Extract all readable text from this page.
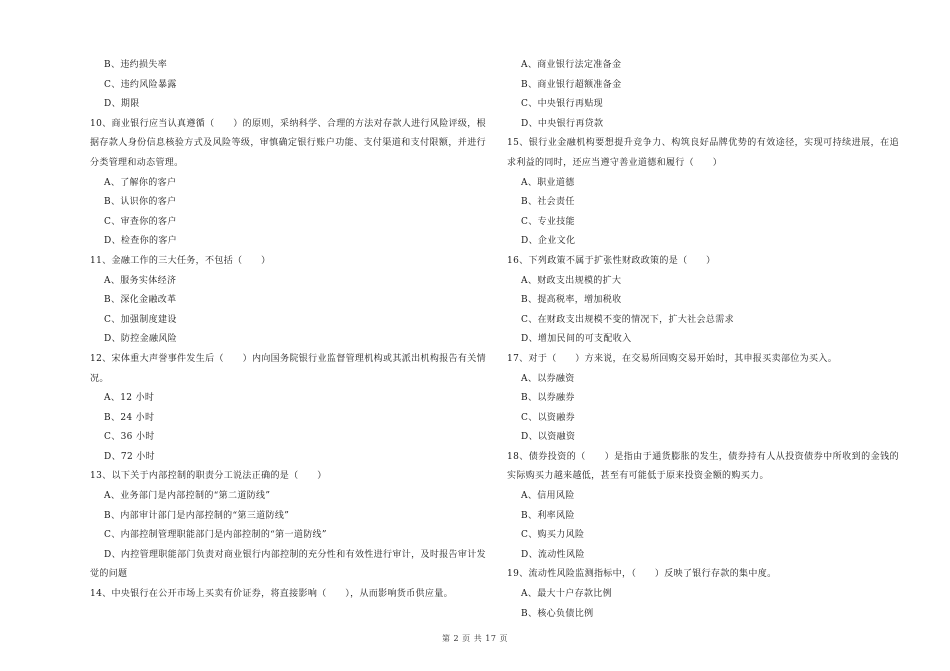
B、违约损失率

C、违约风险暴露

D、期限

10、商业银行应当认真遵循（　　）的原则，采纳科学、合理的方法对存款人进行风险评级，根据存款人身份信息核验方式及风险等级，审慎确定银行账户功能、支付渠道和支付限额，并进行分类管理和动态管理。

A、了解你的客户

B、认识你的客户

C、审查你的客户

D、检查你的客户

11、金融工作的三大任务，不包括（　　）

A、服务实体经济

B、深化金融改革

C、加强制度建设

D、防控金融风险

12、宋体重大声誉事件发生后（　　）内向国务院银行业监督管理机构或其派出机构报告有关情况。

A、12 小时

B、24 小时

C、36 小时

D、72 小时

13、以下关于内部控制的职责分工说法正确的是（　　）

A、业务部门是内部控制的“第二道防线”

B、内部审计部门是内部控制的“第三道防线”

C、内部控制管理职能部门是内部控制的“第一道防线”

D、内控管理职能部门负责对商业银行内部控制的充分性和有效性进行审计，及时报告审计发觉的问题

14、中央银行在公开市场上买卖有价证券，将直接影响（　　），从而影响货币供应量。

A、商业银行法定准备金

B、商业银行超额准备金

C、中央银行再贴现

D、中央银行再贷款

15、银行业金融机构要想提升竞争力、构筑良好品牌优势的有效途径，实现可持续进展，在追求利益的同时，还应当遵守善业道德和履行（　　）

A、职业道德

B、社会责任

C、专业技能

D、企业文化

16、下列政策不属于扩张性财政政策的是（　　）

A、财政支出规模的扩大

B、提高税率，增加税收

C、在财政支出规模不变的情况下，扩大社会总需求

D、增加民间的可支配收入

17、对于（　　）方来说，在交易所回购交易开始时，其申报买卖部位为买入。

A、以券融资

B、以券融券

C、以资融券

D、以资融资

18、债券投资的（　　）是指由于通货膨胀的发生，债券持有人从投资债券中所收到的金钱的实际购买力越来越低，甚至有可能低于原来投资金额的购买力。

A、信用风险

B、利率风险

C、购买力风险

D、流动性风险

19、流动性风险监测指标中，（　　）反映了银行存款的集中度。

A、最大十户存款比例

B、核心负债比例

第 2 页 共 17 页
